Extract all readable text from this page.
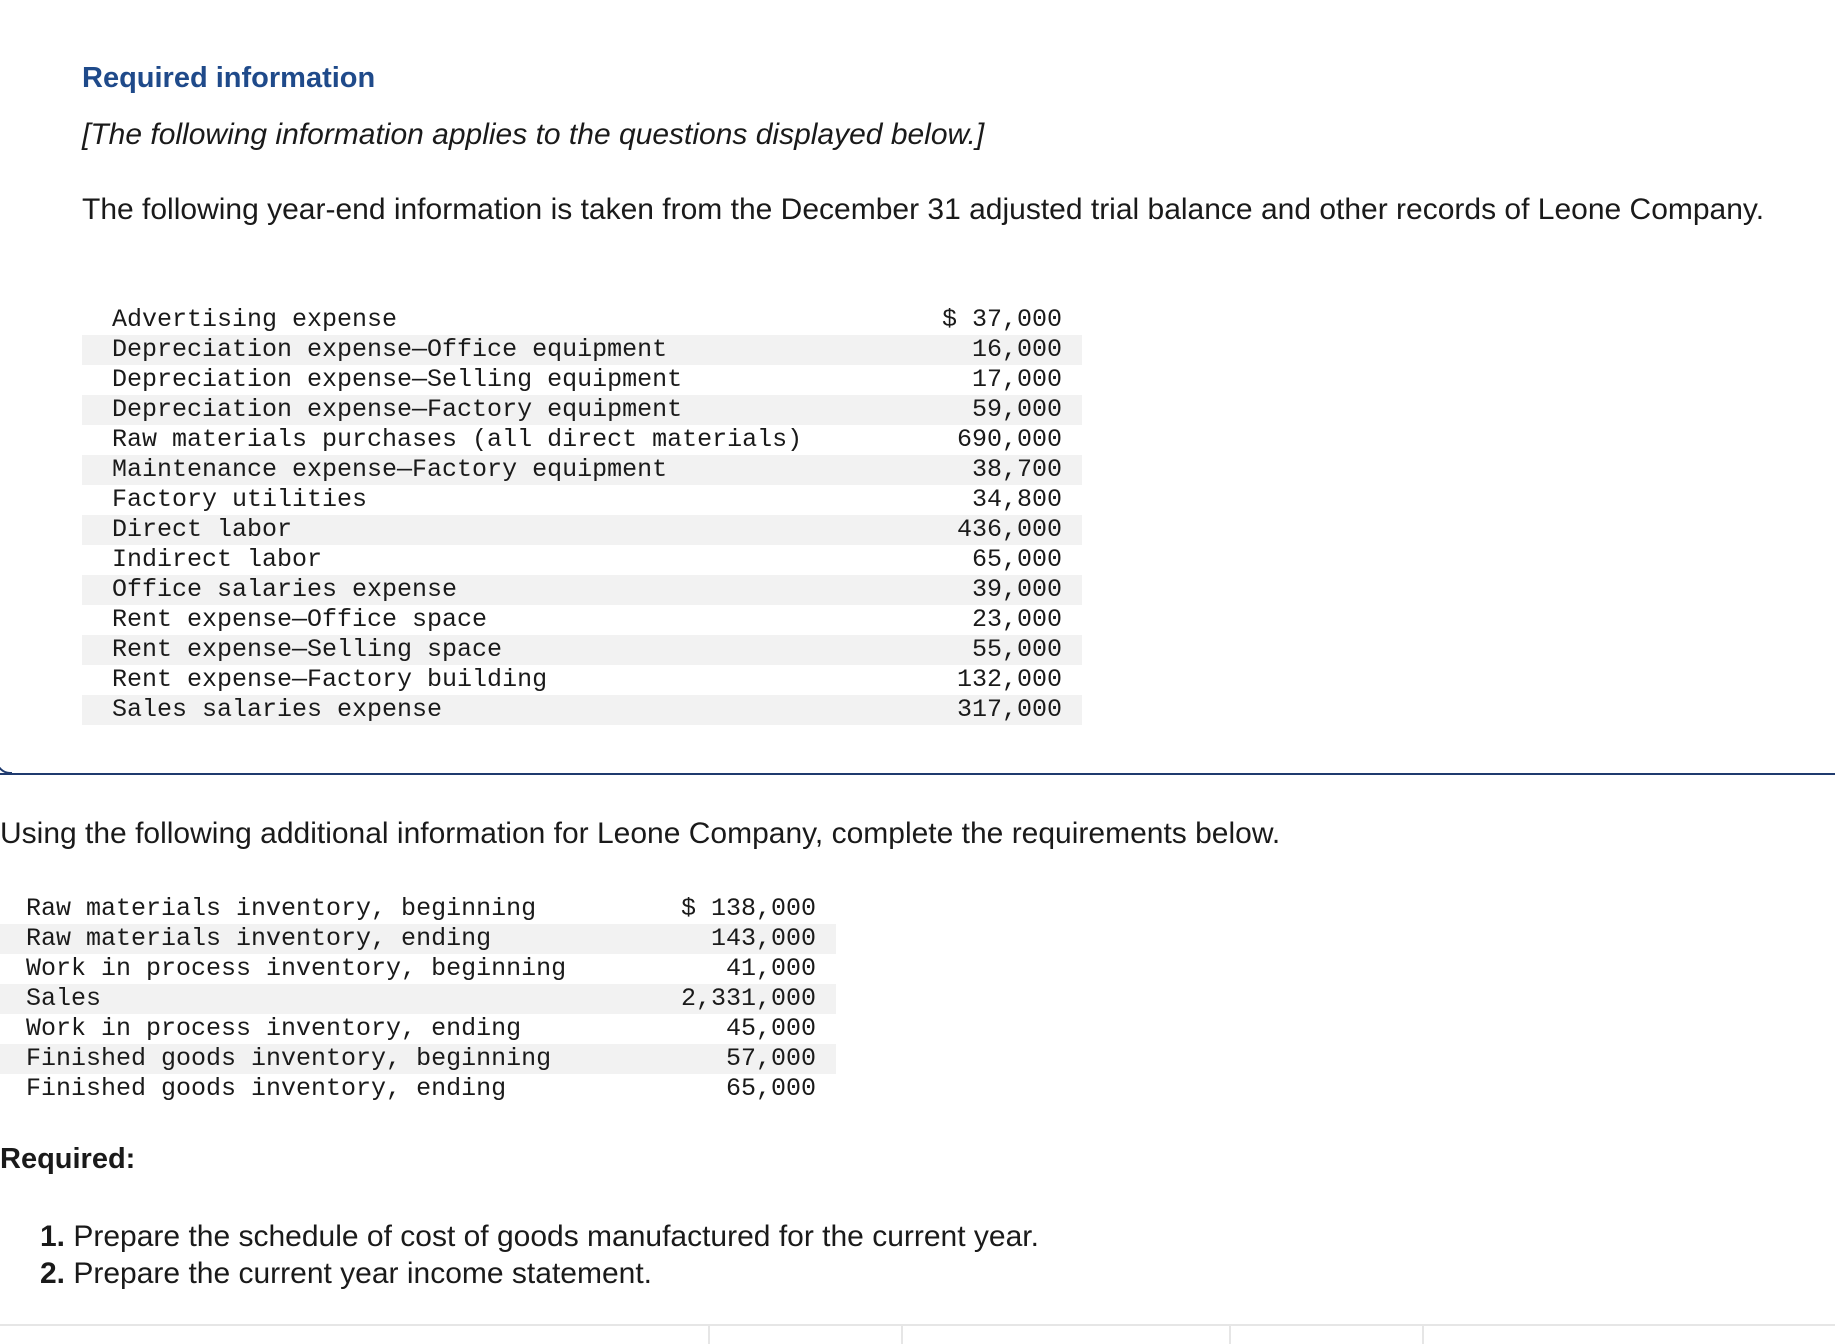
Required information
[The following information applies to the questions displayed below.]
The following year-end information is taken from the December 31 adjusted trial balance and other records of Leone Company.
Advertising expense	$ 37,000
Depreciation expense—Office equipment	16,000
Depreciation expense—Selling equipment	17,000
Depreciation expense—Factory equipment	59,000
Raw materials purchases (all direct materials)	690,000
Maintenance expense—Factory equipment	38,700
Factory utilities	34,800
Direct labor	436,000
Indirect labor	65,000
Office salaries expense	39,000
Rent expense—Office space	23,000
Rent expense—Selling space	55,000
Rent expense—Factory building	132,000
Sales salaries expense	317,000
Using the following additional information for Leone Company, complete the requirements below.
Raw materials inventory, beginning	$ 138,000
Raw materials inventory, ending	143,000
Work in process inventory, beginning	41,000
Sales	2,331,000
Work in process inventory, ending	45,000
Finished goods inventory, beginning	57,000
Finished goods inventory, ending	65,000
Required:
1. Prepare the schedule of cost of goods manufactured for the current year.
2. Prepare the current year income statement.
